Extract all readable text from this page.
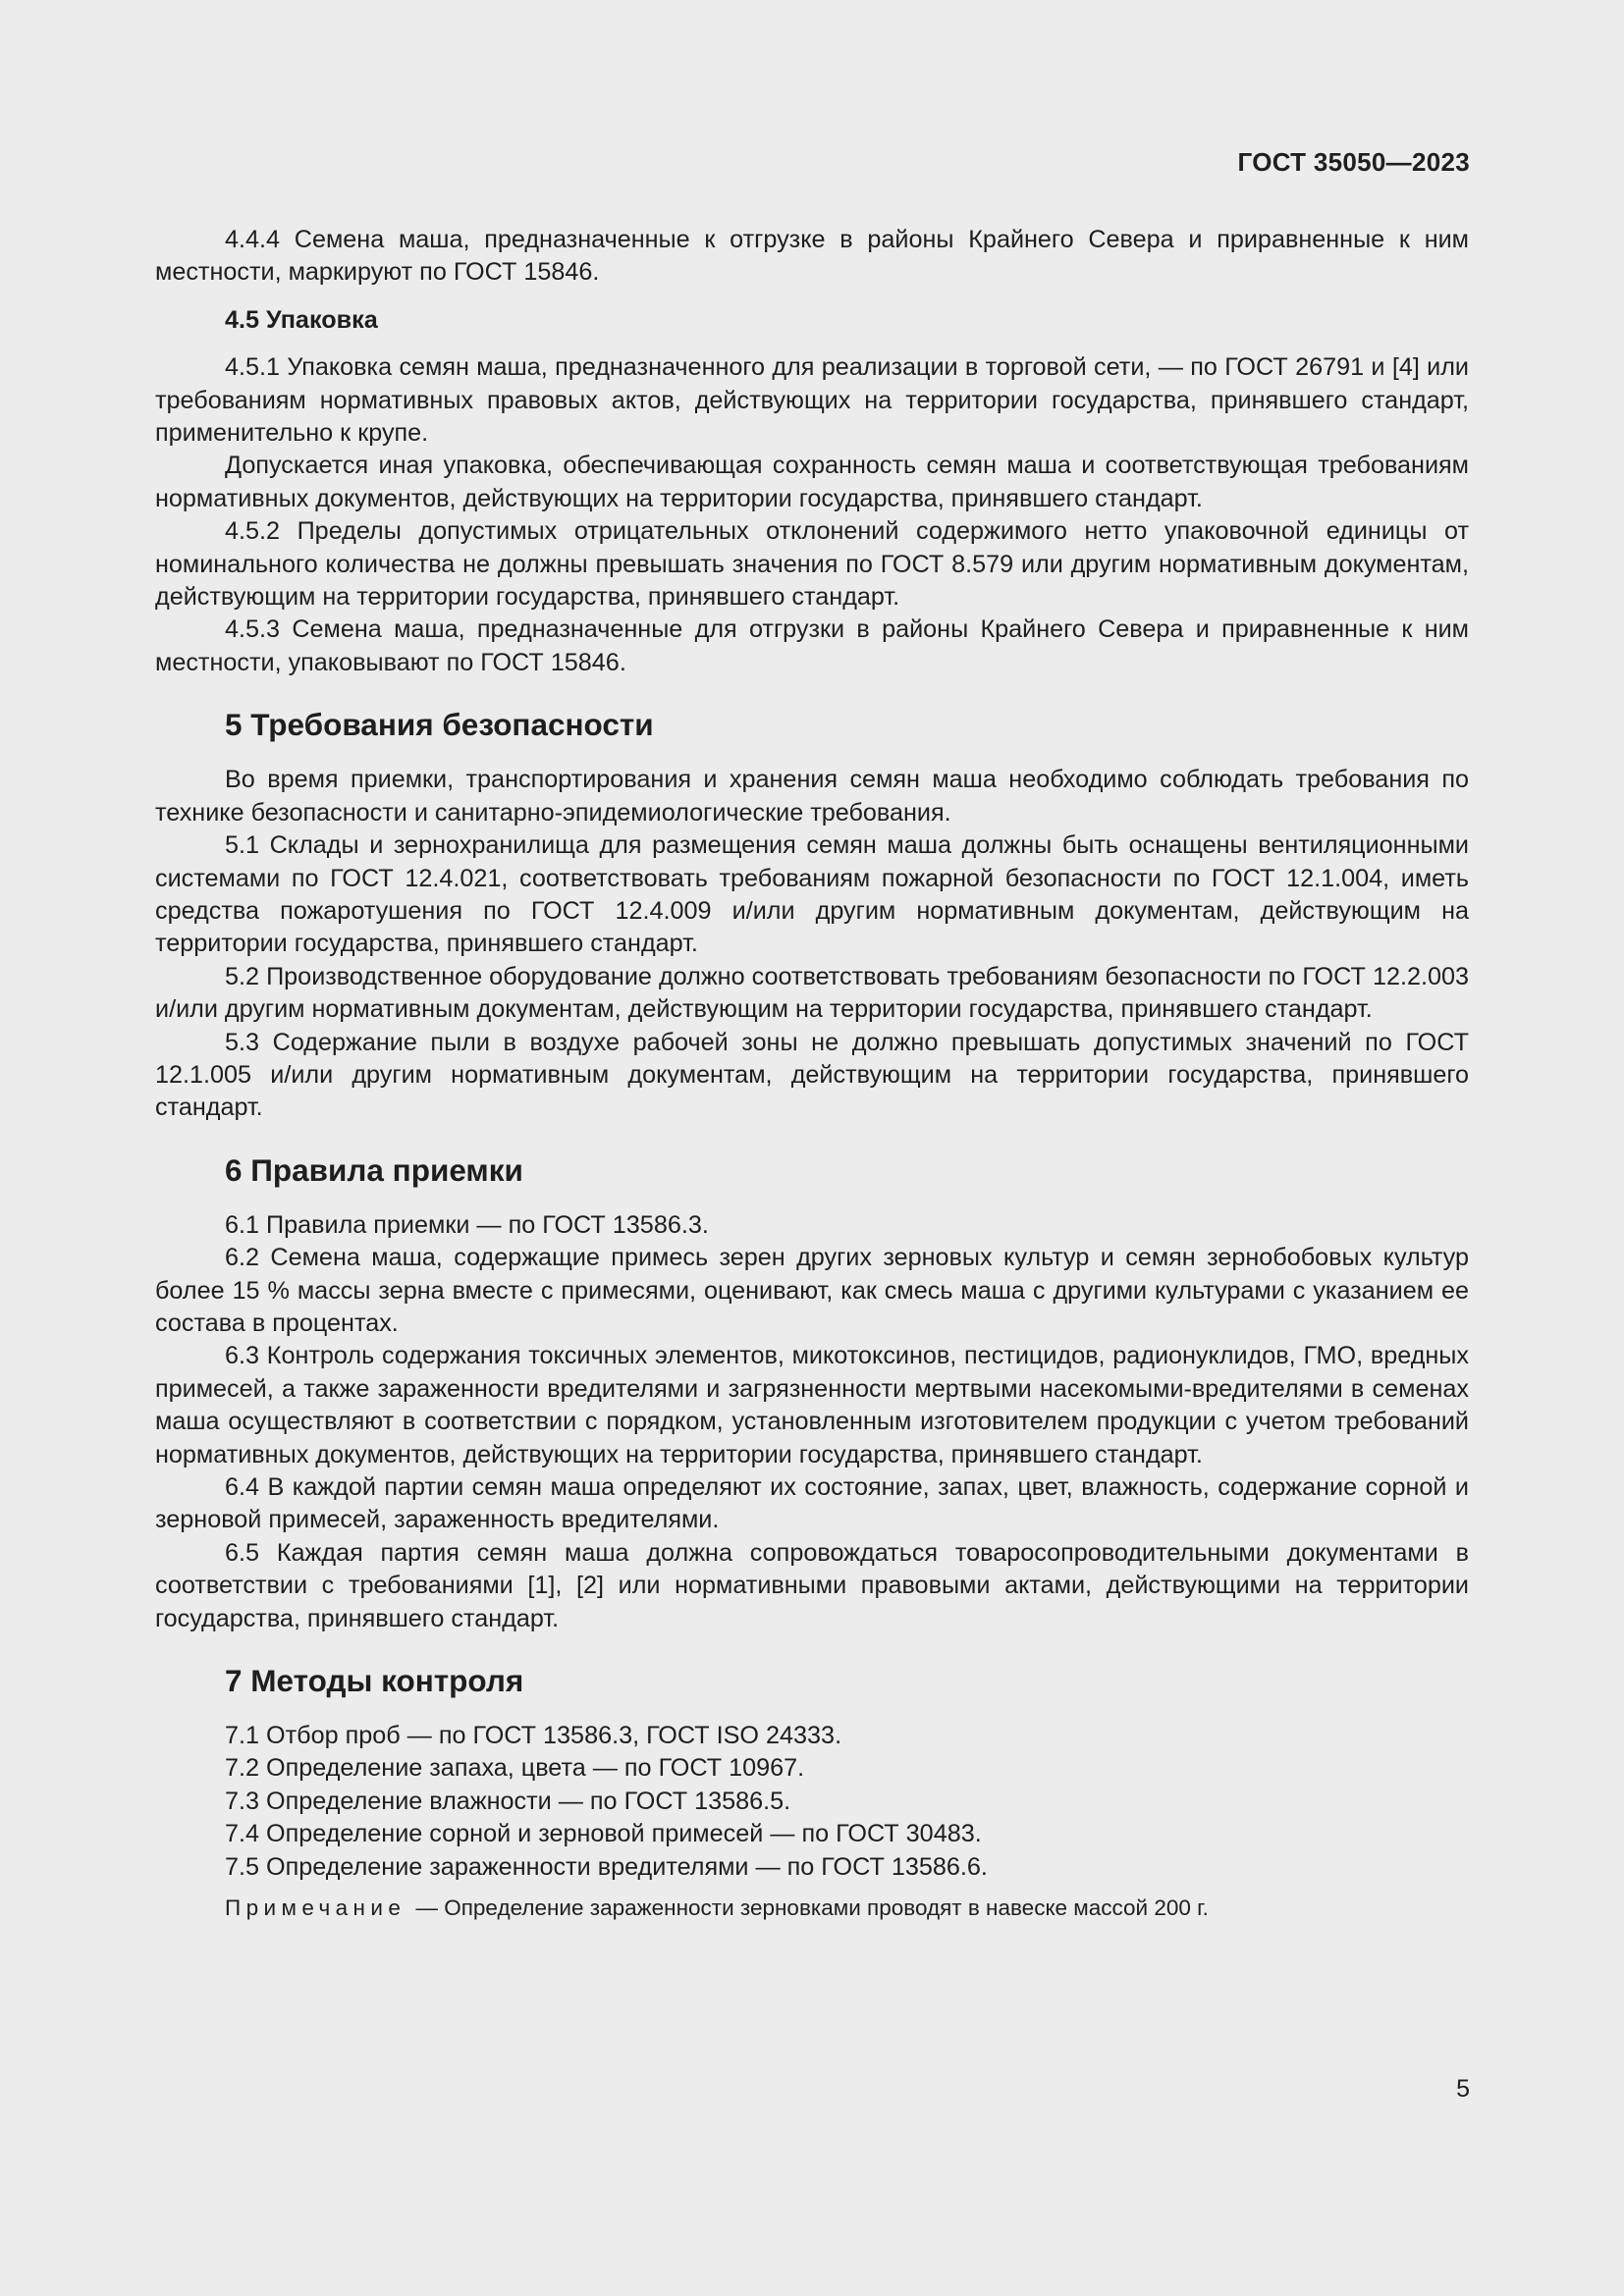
ГОСТ 35050—2023

4.4.4 Семена маша, предназначенные к отгрузке в районы Крайнего Севера и приравненные к ним местности, маркируют по ГОСТ 15846.

4.5 Упаковка

4.5.1 Упаковка семян маша, предназначенного для реализации в торговой сети, — по ГОСТ 26791 и [4] или требованиям нормативных правовых актов, действующих на территории государства, принявшего стандарт, применительно к крупе.

Допускается иная упаковка, обеспечивающая сохранность семян маша и соответствующая требованиям нормативных документов, действующих на территории государства, принявшего стандарт.

4.5.2 Пределы допустимых отрицательных отклонений содержимого нетто упаковочной единицы от номинального количества не должны превышать значения по ГОСТ 8.579 или другим нормативным документам, действующим на территории государства, принявшего стандарт.

4.5.3 Семена маша, предназначенные для отгрузки в районы Крайнего Севера и приравненные к ним местности, упаковывают по ГОСТ 15846.

5 Требования безопасности

Во время приемки, транспортирования и хранения семян маша необходимо соблюдать требования по технике безопасности и санитарно-эпидемиологические требования.

5.1 Склады и зернохранилища для размещения семян маша должны быть оснащены вентиляционными системами по ГОСТ 12.4.021, соответствовать требованиям пожарной безопасности по ГОСТ 12.1.004, иметь средства пожаротушения по ГОСТ 12.4.009 и/или другим нормативным документам, действующим на территории государства, принявшего стандарт.

5.2 Производственное оборудование должно соответствовать требованиям безопасности по ГОСТ 12.2.003 и/или другим нормативным документам, действующим на территории государства, принявшего стандарт.

5.3 Содержание пыли в воздухе рабочей зоны не должно превышать допустимых значений по ГОСТ 12.1.005 и/или другим нормативным документам, действующим на территории государства, принявшего стандарт.

6 Правила приемки

6.1 Правила приемки — по ГОСТ 13586.3.

6.2 Семена маша, содержащие примесь зерен других зерновых культур и семян зернобобовых культур более 15 % массы зерна вместе с примесями, оценивают, как смесь маша с другими культурами с указанием ее состава в процентах.

6.3 Контроль содержания токсичных элементов, микотоксинов, пестицидов, радионуклидов, ГМО, вредных примесей, а также зараженности вредителями и загрязненности мертвыми насекомыми-вредителями в семенах маша осуществляют в соответствии с порядком, установленным изготовителем продукции с учетом требований нормативных документов, действующих на территории государства, принявшего стандарт.

6.4 В каждой партии семян маша определяют их состояние, запах, цвет, влажность, содержание сорной и зерновой примесей, зараженность вредителями.

6.5 Каждая партия семян маша должна сопровождаться товаросопроводительными документами в соответствии с требованиями [1], [2] или нормативными правовыми актами, действующими на территории государства, принявшего стандарт.

7 Методы контроля

7.1 Отбор проб — по ГОСТ 13586.3, ГОСТ ISO 24333.

7.2 Определение запаха, цвета — по ГОСТ 10967.

7.3 Определение влажности — по ГОСТ 13586.5.

7.4 Определение сорной и зерновой примесей — по ГОСТ 30483.

7.5 Определение зараженности вредителями — по ГОСТ 13586.6.

Примечание — Определение зараженности зерновками проводят в навеске массой 200 г.

5
